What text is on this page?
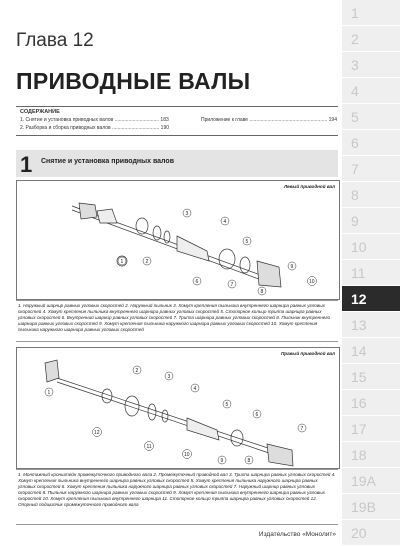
Глава 12
ПРИВОДНЫЕ ВАЛЫ
СОДЕРЖАНИЕ
1. Снятие и установка приводных валов ................................ 183
2. Разборка и сборка приводных валов .................................. 190
Приложение к главе ........................................................ 194
1 Снятие и установка приводных валов
Левый приводной вал
3
4
5
2
1
6	7
8
9
10
1. Наружный шарнир равных угловых скоростей 2. Наружный пыльник 3. Хомут крепления пыльника внутреннего шарнира равных угловых скоростей 4. Хомут крепления пыльника внутреннего шарнира равных угловых скоростей 5. Стопорное кольцо триппа шарнира равных угловых скоростей 6. Внутренний шарнир равных угловых скоростей 7. Триппа шарнира равных угловых скоростей 8. Пыльник внутреннего шарнира равных угловых скоростей 9. Хомут крепления пыльника наружного шарнира равных угловых скоростей 10. Хомут крепления пыльника наружного шарнира равных угловых скоростей
Правый приводной вал
1
2
3
4
5
6
7
8
9
10
11
12
1. Монтажный кронштейн промежуточного приводного вала 2. Промежуточный приводной вал 3. Триппа шарнира равных угловых скоростей 4. Хомут крепления пыльника внутреннего шарнира равных угловых скоростей 5. Хомут крепления пыльника наружного шарнира равных угловых скоростей 6. Хомут крепления пыльника наружного шарнира равных угловых скоростей 7. Наружный шарнир равных угловых скоростей 8. Пыльник наружного шарнира равных угловых скоростей 9. Хомут крепления пыльника внутреннего шарнира равных угловых скоростей 10. Хомут крепления пыльника внутреннего шарнира 11. Стопорное кольцо триппа шарнира равных угловых скоростей 12. Опорный подшипник промежуточного приводного вала
Издательство «Монолит»
1
2
3
4
5
6
7
8
9
10
11
12
13
14
15
16
17
18
19A
19B
20
